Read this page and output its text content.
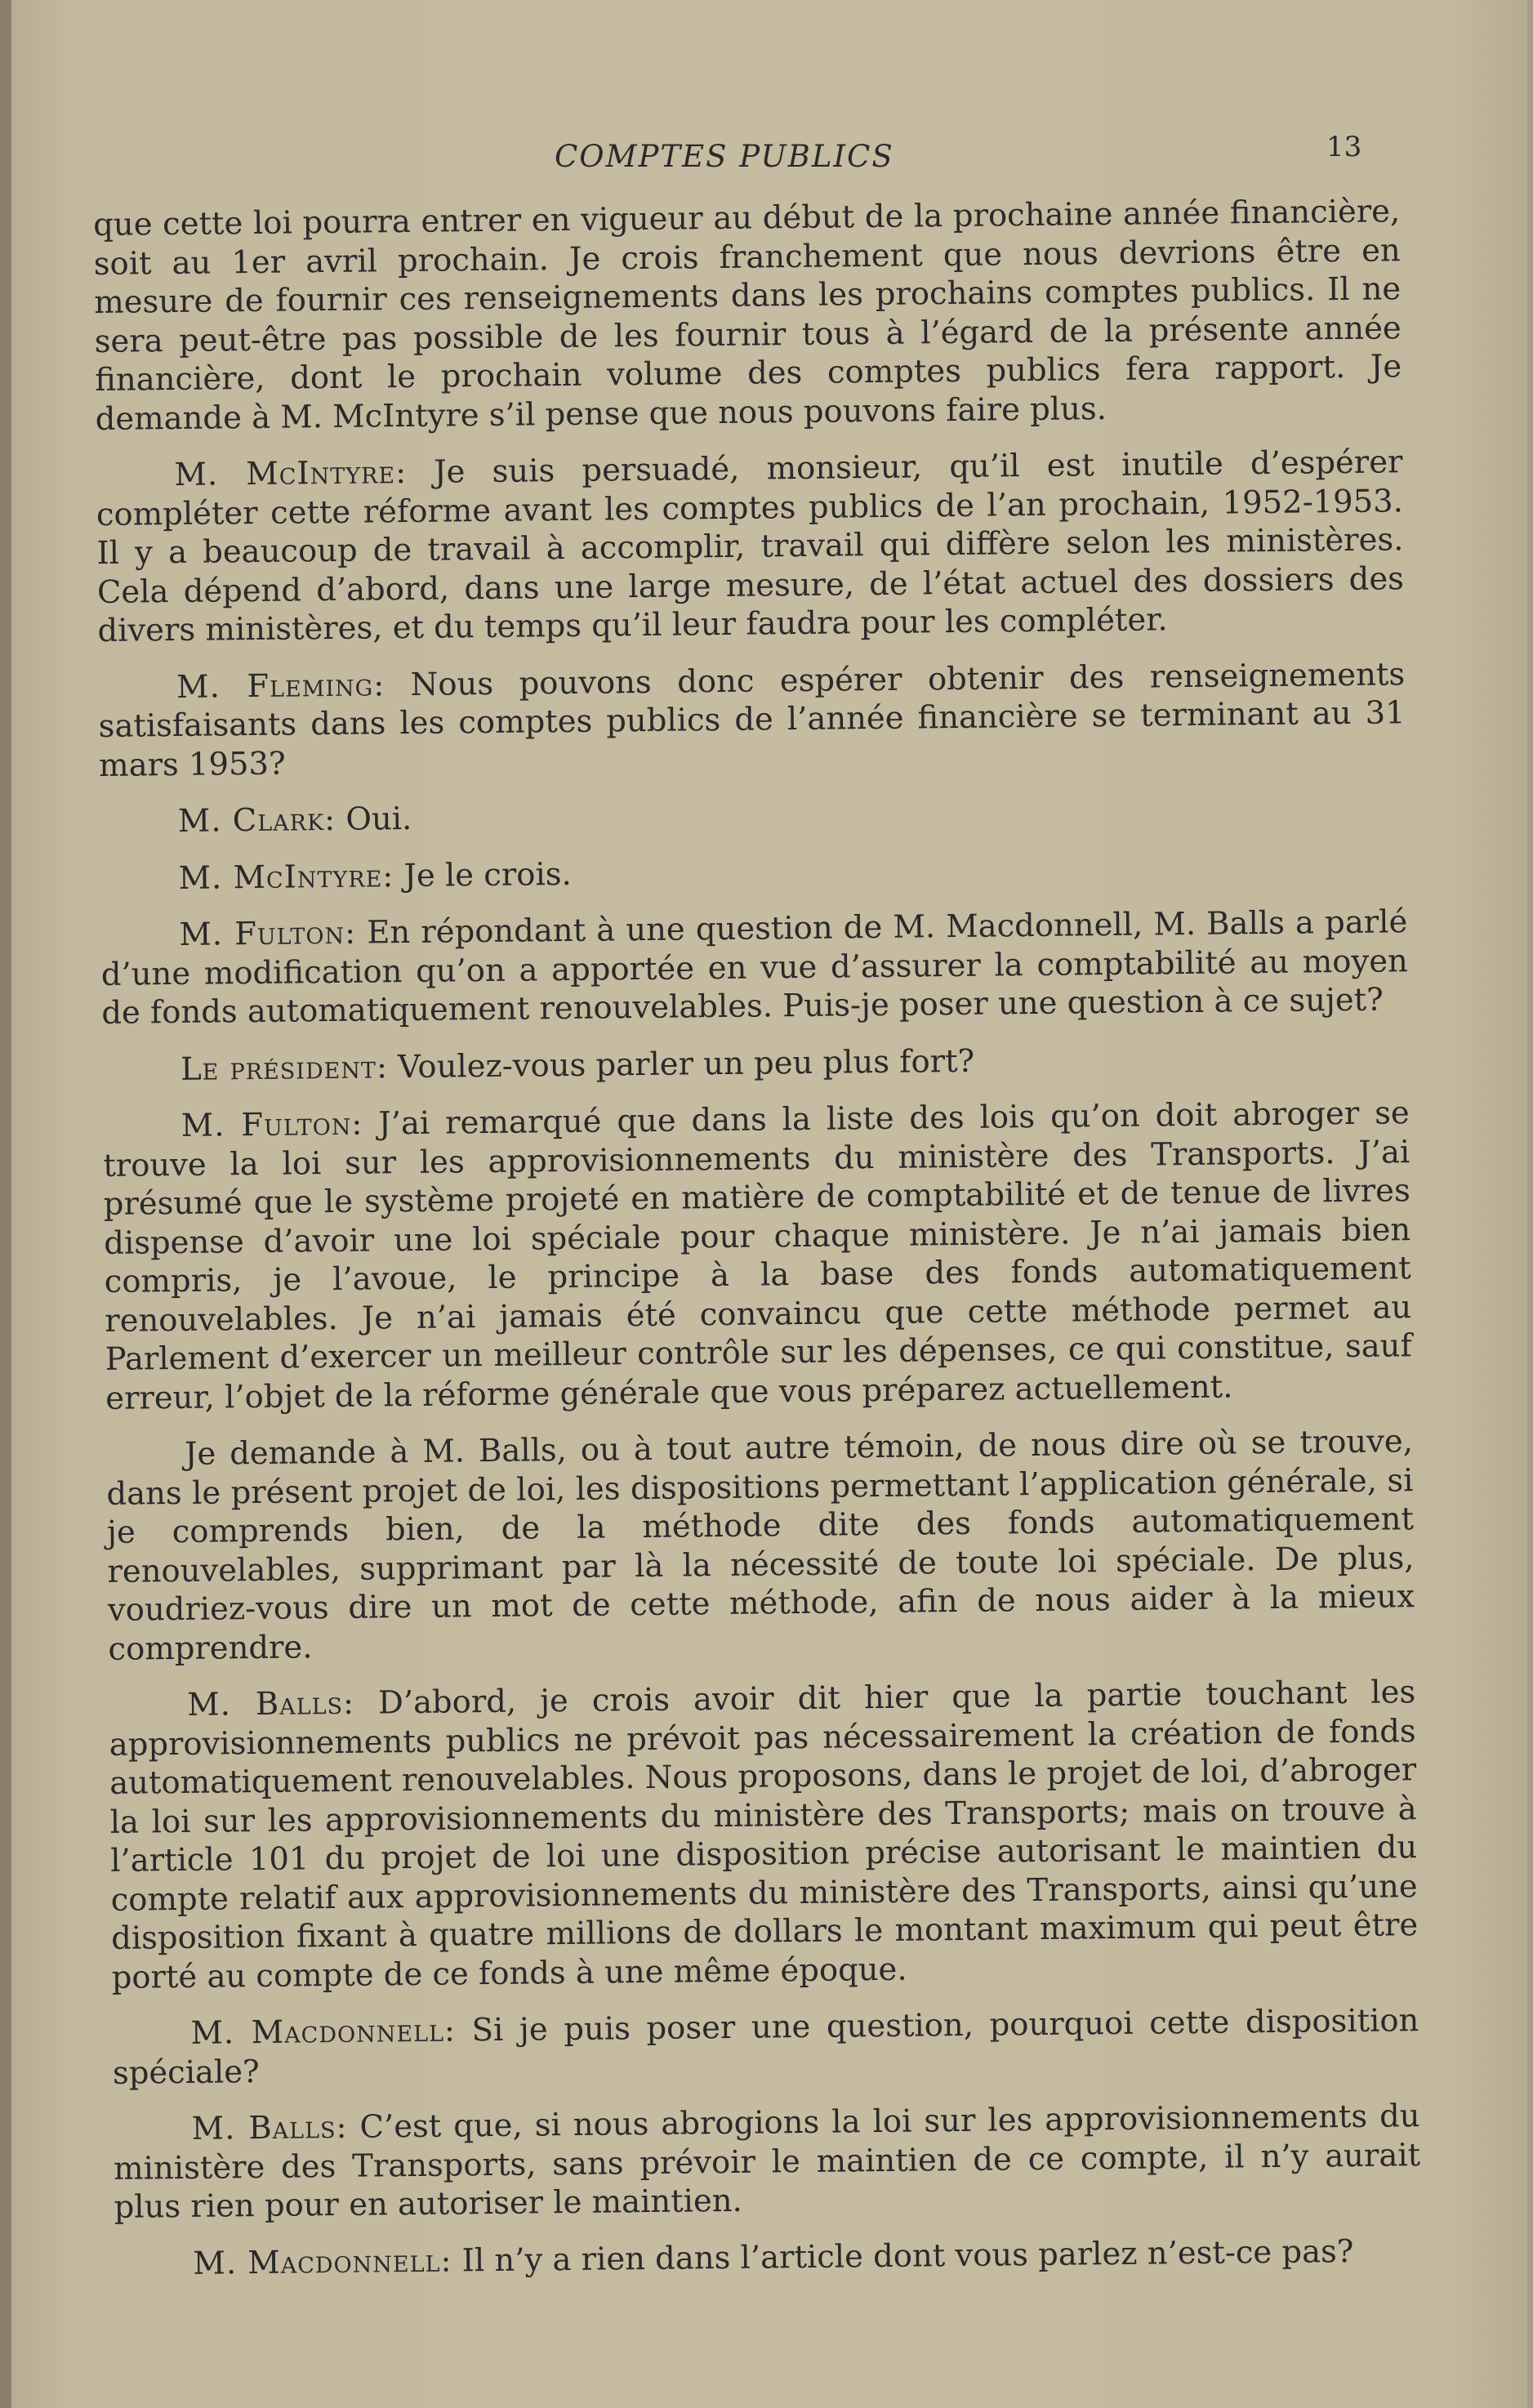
COMPTES PUBLICS	13

que cette loi pourra entrer en vigueur au début de la prochaine année financière, soit au 1er avril prochain. Je crois franchement que nous devrions être en mesure de fournir ces renseignements dans les prochains comptes publics. Il ne sera peut-être pas possible de les fournir tous à l’égard de la présente année financière, dont le prochain volume des comptes publics fera rapport. Je demande à M. McIntyre s’il pense que nous pouvons faire plus.

M. McIntyre: Je suis persuadé, monsieur, qu’il est inutile d’espérer compléter cette réforme avant les comptes publics de l’an prochain, 1952-1953. Il y a beaucoup de travail à accomplir, travail qui diffère selon les ministères. Cela dépend d’abord, dans une large mesure, de l’état actuel des dossiers des divers ministères, et du temps qu’il leur faudra pour les compléter.

M. Fleming: Nous pouvons donc espérer obtenir des renseignements satisfaisants dans les comptes publics de l’année financière se terminant au 31 mars 1953?

M. Clark: Oui.

M. McIntyre: Je le crois.

M. Fulton: En répondant à une question de M. Macdonnell, M. Balls a parlé d’une modification qu’on a apportée en vue d’assurer la comptabilité au moyen de fonds automatiquement renouvelables. Puis-je poser une question à ce sujet?

Le président: Voulez-vous parler un peu plus fort?

M. Fulton: J’ai remarqué que dans la liste des lois qu’on doit abroger se trouve la loi sur les approvisionnements du ministère des Transports. J’ai présumé que le système projeté en matière de comptabilité et de tenue de livres dispense d’avoir une loi spéciale pour chaque ministère. Je n’ai jamais bien compris, je l’avoue, le principe à la base des fonds automatiquement renouvelables. Je n’ai jamais été convaincu que cette méthode permet au Parlement d’exercer un meilleur contrôle sur les dépenses, ce qui constitue, sauf erreur, l’objet de la réforme générale que vous préparez actuellement.

Je demande à M. Balls, ou à tout autre témoin, de nous dire où se trouve, dans le présent projet de loi, les dispositions permettant l’application générale, si je comprends bien, de la méthode dite des fonds automatiquement renouvelables, supprimant par là la nécessité de toute loi spéciale. De plus, voudriez-vous dire un mot de cette méthode, afin de nous aider à la mieux comprendre.

M. Balls: D’abord, je crois avoir dit hier que la partie touchant les approvisionnements publics ne prévoit pas nécessairement la création de fonds automatiquement renouvelables. Nous proposons, dans le projet de loi, d’abroger la loi sur les approvisionnements du ministère des Transports; mais on trouve à l’article 101 du projet de loi une disposition précise autorisant le maintien du compte relatif aux approvisionnements du ministère des Transports, ainsi qu’une disposition fixant à quatre millions de dollars le montant maximum qui peut être porté au compte de ce fonds à une même époque.

M. Macdonnell: Si je puis poser une question, pourquoi cette disposition spéciale?

M. Balls: C’est que, si nous abrogions la loi sur les approvisionnements du ministère des Transports, sans prévoir le maintien de ce compte, il n’y aurait plus rien pour en autoriser le maintien.

M. Macdonnell: Il n’y a rien dans l’article dont vous parlez n’est-ce pas?
